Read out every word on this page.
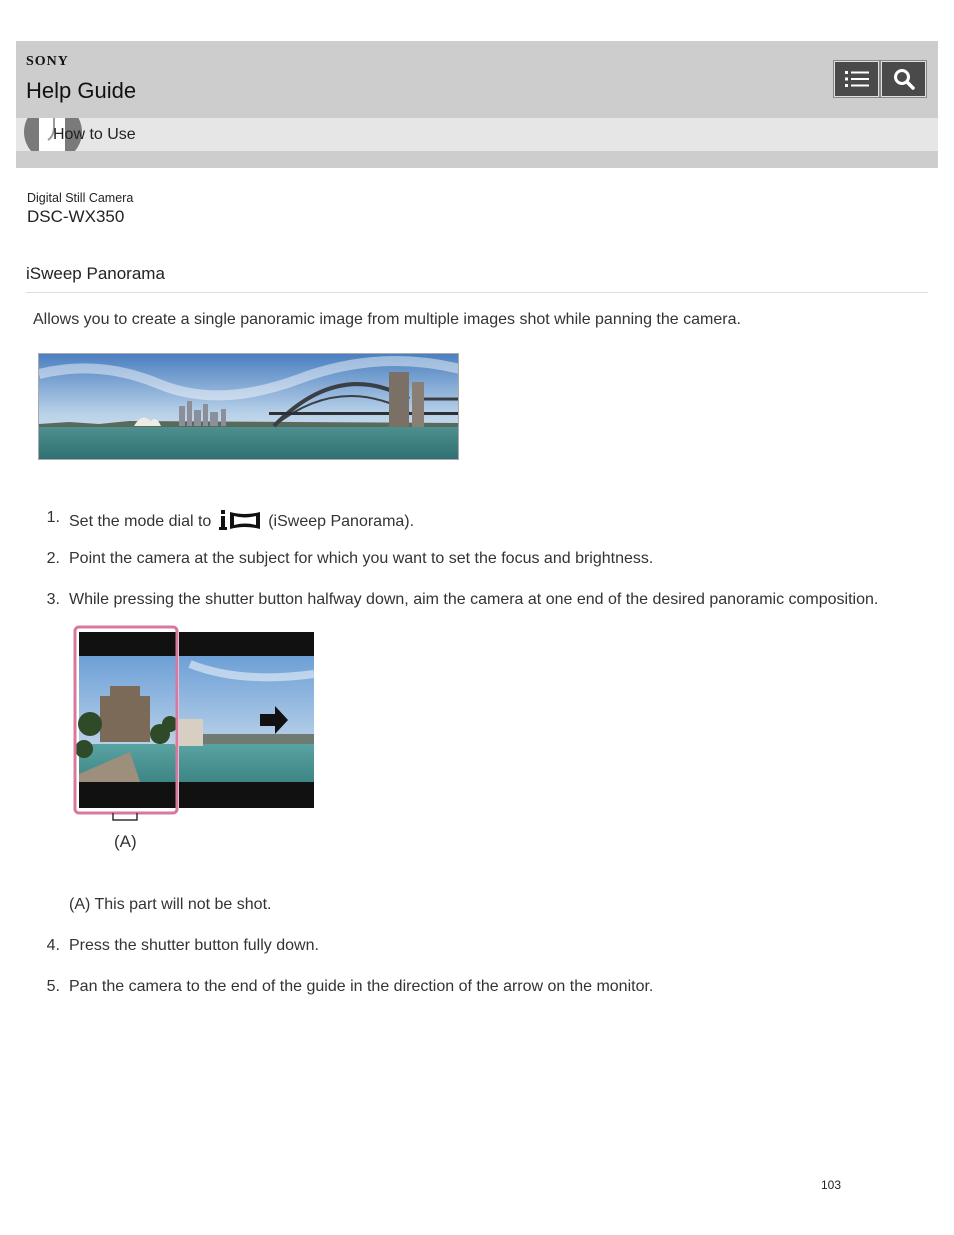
SONY
Help Guide
How to Use
Digital Still Camera
DSC-WX350
iSweep Panorama
Allows you to create a single panoramic image from multiple images shot while panning the camera.
1. Set the mode dial to	(iSweep Panorama).
2. Point the camera at the subject for which you want to set the focus and brightness.
3. While pressing the shutter button halfway down, aim the camera at one end of the desired panoramic composition.
(A)
(A) This part will not be shot.
4. Press the shutter button fully down.
5. Pan the camera to the end of the guide in the direction of the arrow on the monitor.
103
